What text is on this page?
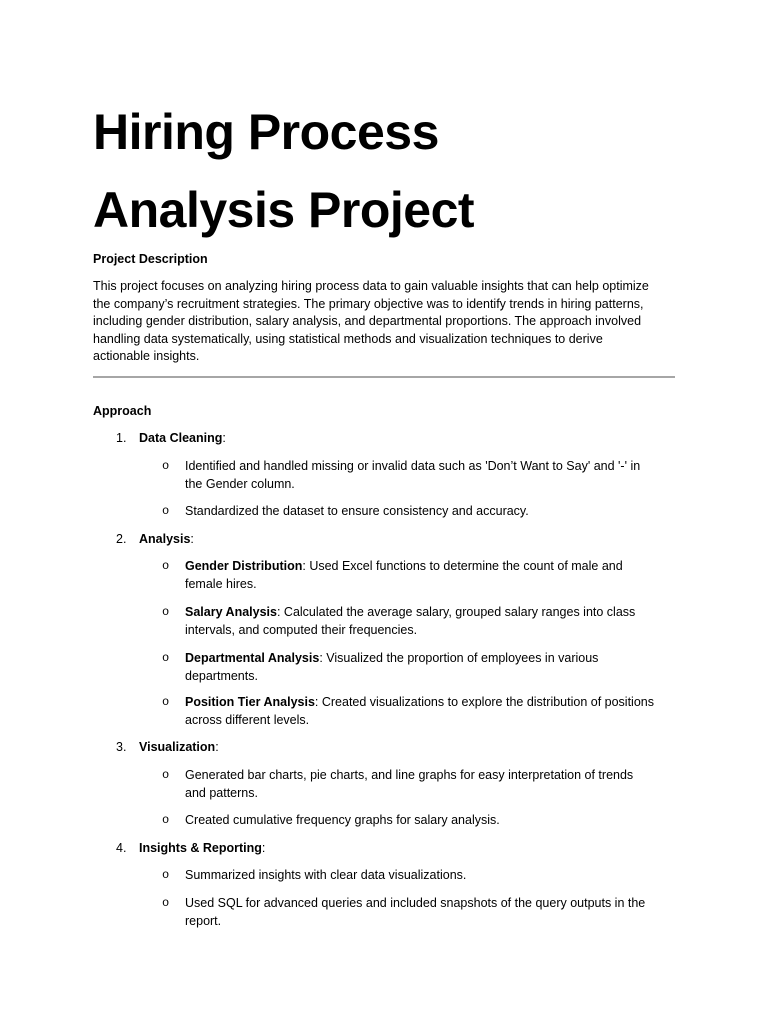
Hiring Process
Analysis Project
Project Description

This project focuses on analyzing hiring process data to gain valuable insights that can help optimize
the company’s recruitment strategies. The primary objective was to identify trends in hiring patterns,
including gender distribution, salary analysis, and departmental proportions. The approach involved
handling data systematically, using statistical methods and visualization techniques to derive
actionable insights.

Approach
1.	Data Cleaning:
o Identified and handled missing or invalid data such as 'Don’t Want to Say' and '-' in
the Gender column.
o Standardized the dataset to ensure consistency and accuracy.
2.	Analysis:
o Gender Distribution: Used Excel functions to determine the count of male and
female hires.
o Salary Analysis: Calculated the average salary, grouped salary ranges into class
intervals, and computed their frequencies.
o Departmental Analysis: Visualized the proportion of employees in various
departments.
o Position Tier Analysis: Created visualizations to explore the distribution of positions
across different levels.
3.	Visualization:
o Generated bar charts, pie charts, and line graphs for easy interpretation of trends
and patterns.
o Created cumulative frequency graphs for salary analysis.
4.	Insights & Reporting:
o Summarized insights with clear data visualizations.
o Used SQL for advanced queries and included snapshots of the query outputs in the
report.
